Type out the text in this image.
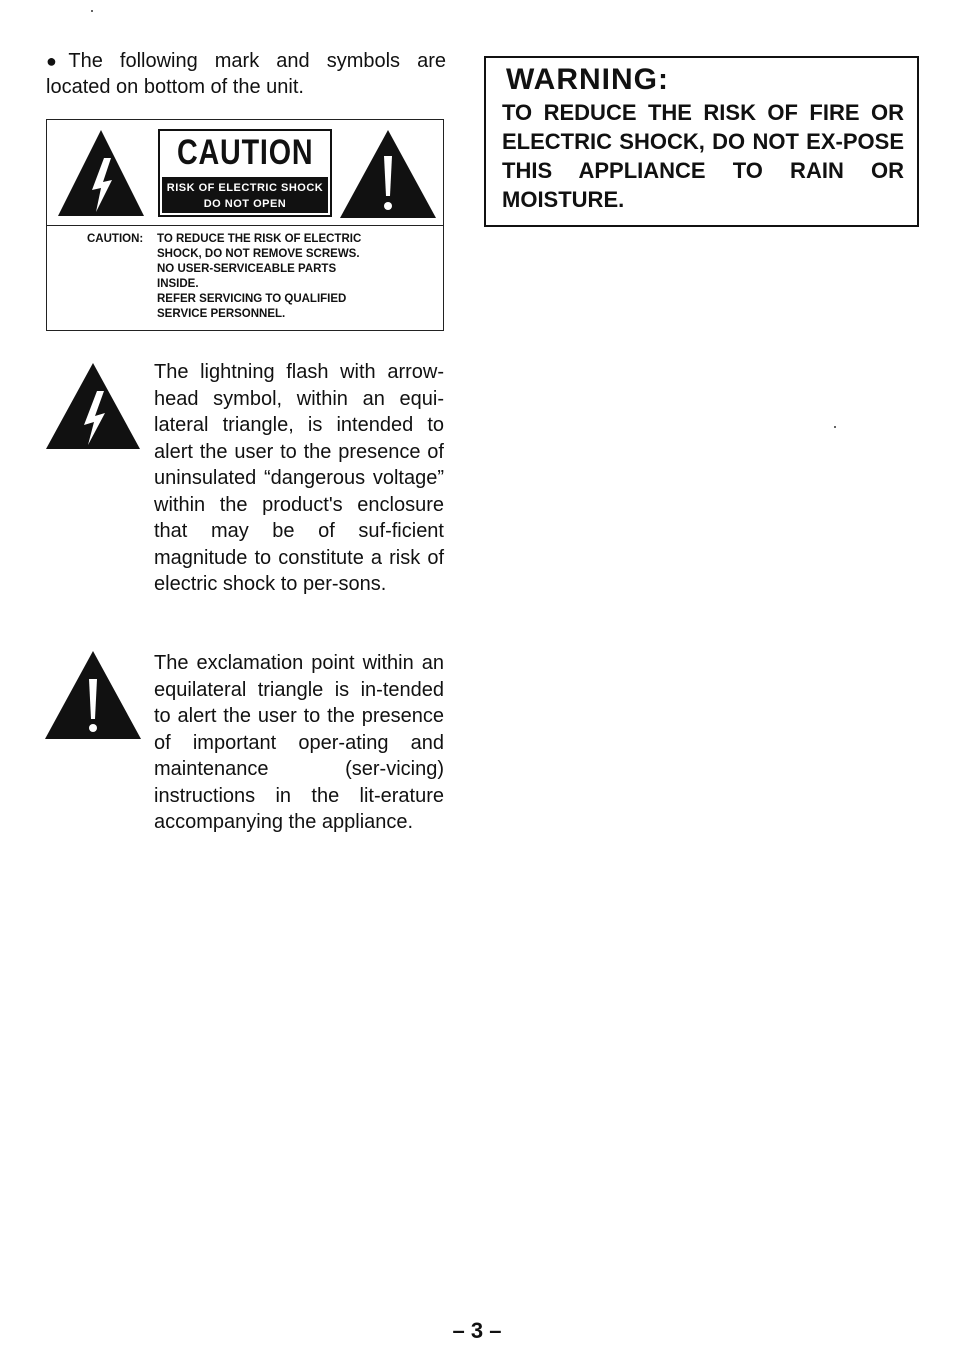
●The following mark and symbols are located on bottom of the unit.
CAUTION
RISK OF ELECTRIC SHOCK
DO NOT OPEN
CAUTION: TO REDUCE THE RISK OF ELECTRIC
SHOCK, DO NOT REMOVE SCREWS.
NO USER-SERVICEABLE PARTS
INSIDE.
REFER SERVICING TO QUALIFIED
SERVICE PERSONNEL.
WARNING:
TO REDUCE THE RISK OF FIRE OR ELECTRIC SHOCK, DO NOT EX-POSE THIS APPLIANCE TO RAIN OR MOISTURE.
The lightning flash with arrow-head symbol, within an equi-lateral triangle, is intended to alert the user to the presence of uninsulated “dangerous voltage” within the product's enclosure that may be of suf-ficient magnitude to constitute a risk of electric shock to per-sons.
The exclamation point within an equilateral triangle is in-tended to alert the user to the presence of important oper-ating and maintenance (ser-vicing) instructions in the lit-erature accompanying the appliance.
– 3 –
